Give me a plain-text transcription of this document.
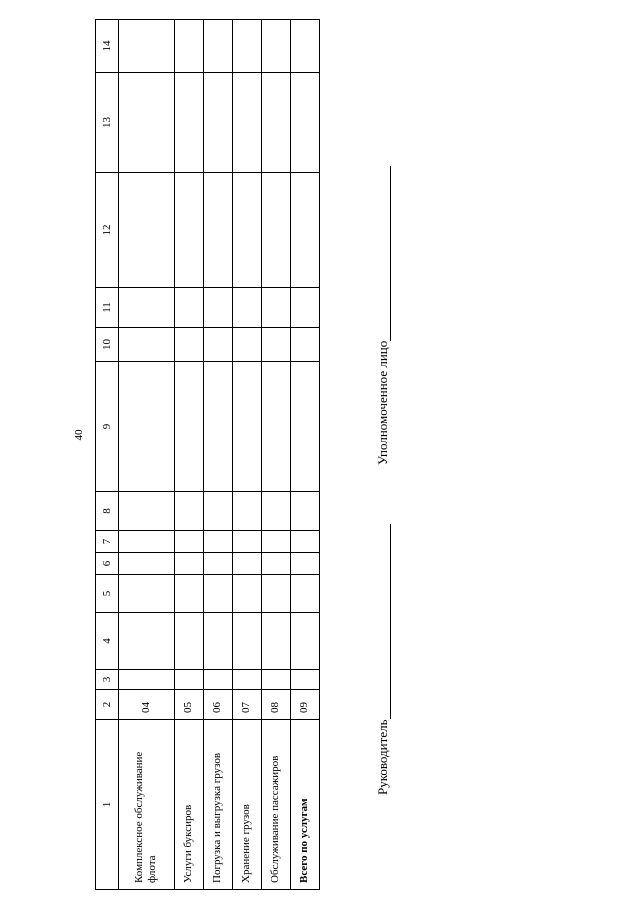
40
1	2	3	4	5	6	7	8	9	10	11	12	13	14
Комплексное обслуживание флота	04												
Услуги буксиров	05												
Погрузка и выгрузка грузов	06												
Хранение грузов	07												
Обслуживание пассажиров	08												
Всего по услугам	09												
Руководитель
Уполномоченное лицо
